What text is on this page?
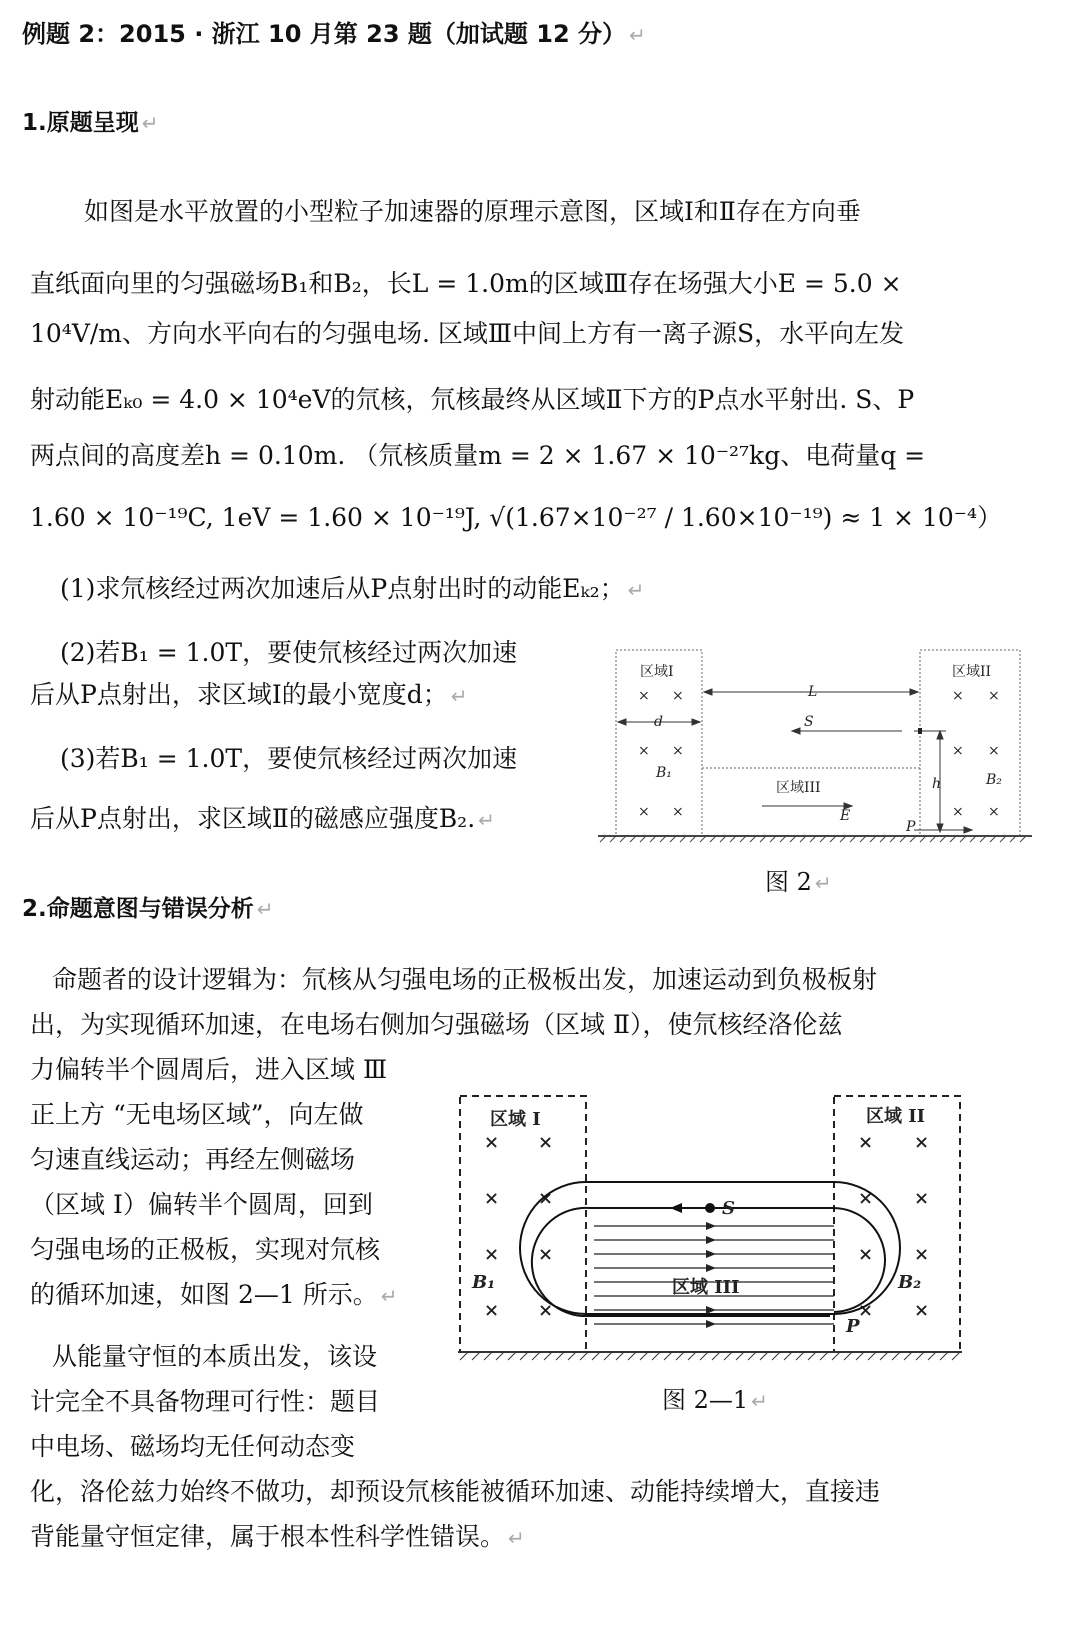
例题 2：2015 · 浙江 10 月第 23 题（加试题 12 分） ↵
1.原题呈现 ↵
如图是水平放置的小型粒子加速器的原理示意图，区域Ⅰ和Ⅱ存在方向垂
直纸面向里的匀强磁场B₁和B₂，长L = 1.0m的区域Ⅲ存在场强大小E = 5.0 ×
10⁴V/m、方向水平向右的匀强电场. 区域Ⅲ中间上方有一离子源S，水平向左发
射动能Eₖ₀ = 4.0 × 10⁴eV的氘核，氘核最终从区域Ⅱ下方的P点水平射出. S、P
两点间的高度差h = 0.10m. （氘核质量m = 2 × 1.67 × 10⁻²⁷kg、电荷量q =
1.60 × 10⁻¹⁹C, 1eV = 1.60 × 10⁻¹⁹J, √(1.67×10⁻²⁷ / 1.60×10⁻¹⁹) ≈ 1 × 10⁻⁴）
(1)求氘核经过两次加速后从P点射出时的动能Eₖ₂； ↵
(2)若B₁ = 1.0T，要使氘核经过两次加速
后从P点射出，求区域Ⅰ的最小宽度d； ↵
(3)若B₁ = 1.0T，要使氘核经过两次加速
后从P点射出，求区域Ⅱ的磁感应强度B₂. ↵
区域I	区域II
区域III
× ×
× ×
× ×
× ×
× ×
× ×
L
d	S
B₁	B₂
h
E
P
图 2 ↵
2.命题意图与错误分析 ↵
命题者的设计逻辑为：氘核从匀强电场的正极板出发，加速运动到负极板射
出，为实现循环加速，在电场右侧加匀强磁场（区域 Ⅱ），使氘核经洛伦兹
力偏转半个圆周后，进入区域 Ⅲ
正上方 “无电场区域”，向左做
匀速直线运动；再经左侧磁场
（区域 Ⅰ）偏转半个圆周，回到
匀强电场的正极板，实现对氘核
的循环加速，如图 2—1 所示。 ↵
从能量守恒的本质出发，该设
计完全不具备物理可行性：题目
中电场、磁场均无任何动态变
化，洛伦兹力始终不做功，却预设氘核能被循环加速、动能持续增大，直接违
背能量守恒定律，属于根本性科学性错误。 ↵
区域 I	区域 II
区域 III
× ×
× ×
× ×
× ×
× ×
× ×
× ×
× ×
S
B₁	B₂
P
图 2—1 ↵
